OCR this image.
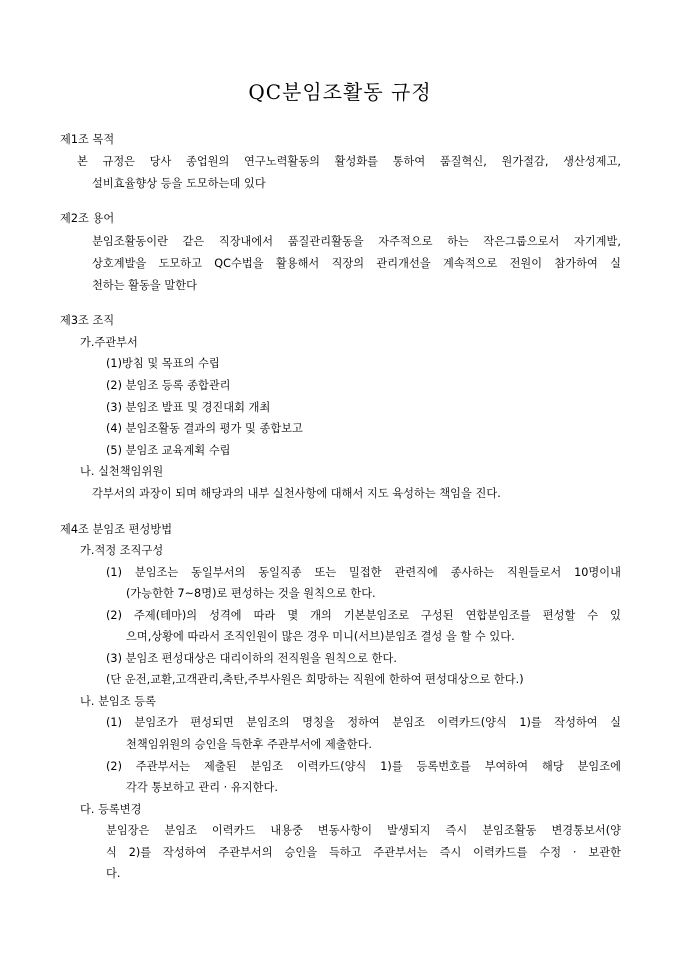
QC분임조활동 규정
제1조 목적
본 규정은 당사 종업원의 연구노력활동의 활성화를 통하여 품질혁신, 원가절감, 생산성제고,
설비효율향상 등을 도모하는데 있다
제2조 용어
분임조활동이란 같은 직장내에서 품질관리활동을 자주적으로 하는 작은그룹으로서 자기계발,
상호계발을 도모하고 QC수법을 활용해서 직장의 관리개선을 계속적으로 전원이 참가하여 실
천하는 활동을 말한다
제3조 조직
가.주관부서
(1)방침 및 목표의 수립
(2) 분임조 등록 종합관리
(3) 분임조 발표 및 경진대회 개최
(4) 분임조활동 결과의 평가 및 종합보고
(5) 분임조 교육계획 수립
나. 실천책임위원
각부서의 과장이 되며 해당과의 내부 실천사항에 대해서 지도 육성하는 책임을 진다.
제4조 분임조 편성방법
가.적정 조직구성
(1) 분임조는 동일부서의 동일직종 또는 밀접한 관련직에 종사하는 직원들로서 10명이내
(가능한한 7~8명)로 편성하는 것을 원칙으로 한다.
(2) 주제(테마)의 성격에 따라 몇 개의 기본분임조로 구성된 연합분임조를 편성할 수 있
으며,상황에 따라서 조직인원이 많은 경우 미니(서브)분임조 결성 을 할 수 있다.
(3) 분임조 편성대상은 대리이하의 전직원을 원칙으로 한다.
(단 운전,교환,고객관리,축탄,주부사원은 희망하는 직원에 한하여 편성대상으로 한다.)
나. 분임조 등록
(1) 분임조가 편성되면 분임조의 명칭을 정하여 분임조 이력카드(양식 1)를 작성하여 실
천책임위원의 승인을 득한후 주관부서에 제출한다.
(2) 주관부서는 제출된 분임조 이력카드(양식 1)를 등록번호를 부여하여 해당 분임조에
각각 통보하고 관리 · 유지한다.
다. 등록변경
분임장은 분임조 이력카드 내용중 변동사항이 발생되지 즉시 분임조활동 변경통보서(양
식 2)를 작성하여 주관부서의 승인을 득하고 주관부서는 즉시 이력카드를 수정 · 보관한
다.
